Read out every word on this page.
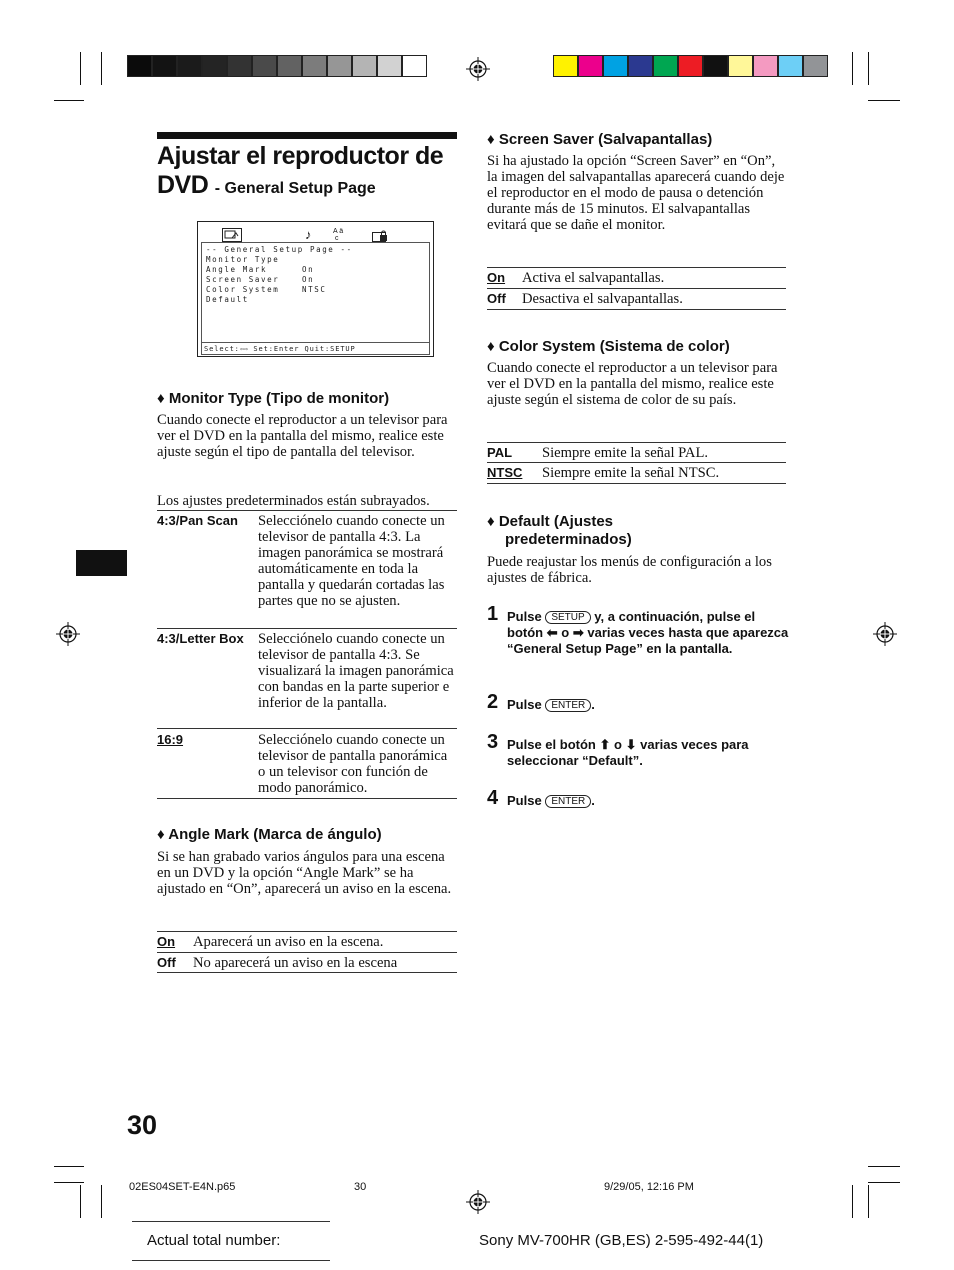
Ajustar el reproductor de DVD - General Setup Page
♪	A ä
c
-- General Setup Page --
Monitor Type
Angle Mark	On
Screen Saver	On
Color System	NTSC
Default
Select:⇦⇨ Set:Enter Quit:SETUP
♦ Monitor Type (Tipo de monitor)
Cuando conecte el reproductor a un televisor para ver el DVD en la pantalla del mismo, realice este ajuste según el tipo de pantalla del televisor.
Los ajustes predeterminados están subrayados.
4:3/Pan Scan Selecciónelo cuando conecte un televisor de pantalla 4:3. La imagen panorámica se mostrará automáticamente en toda la pantalla y quedarán cortadas las partes que no se ajusten.
4:3/Letter Box Selecciónelo cuando conecte un televisor de pantalla 4:3. Se visualizará la imagen panorámica con bandas en la parte superior e inferior de la pantalla.
16:9	Selecciónelo cuando conecte un televisor de pantalla panorámica o un televisor con función de modo panorámico.
♦ Angle Mark (Marca de ángulo)
Si se han grabado varios ángulos para una escena en un DVD y la opción “Angle Mark” se ha ajustado en “On”, aparecerá un aviso en la escena.
On Aparecerá un aviso en la escena.
Off No aparecerá un aviso en la escena
♦ Screen Saver (Salvapantallas)
Si ha ajustado la opción “Screen Saver” en “On”, la imagen del salvapantallas aparecerá cuando deje el reproductor en el modo de pausa o detención durante más de 15 minutos. El salvapantallas evitará que se dañe el monitor.
On Activa el salvapantallas.
Off Desactiva el salvapantallas.
♦ Color System (Sistema de color)
Cuando conecte el reproductor a un televisor para ver el DVD en la pantalla del mismo, realice este ajuste según el sistema de color de su país.
PAL Siempre emite la señal PAL.
NTSC Siempre emite la señal NTSC.
♦ Default (Ajustes
predeterminados)
Puede reajustar los menús de configuración a los ajustes de fábrica.
1 Pulse SETUP y, a continuación, pulse el botón ⬅ o ➡ varias veces hasta que aparezca “General Setup Page” en la pantalla.
2 Pulse ENTER .
3 Pulse el botón ⬆ o ⬇ varias veces para seleccionar “Default”.
4 Pulse ENTER .
30
02ES04SET-E4N.p65	30	9/29/05, 12:16 PM
Actual total number:	Sony MV-700HR (GB,ES) 2-595-492-44(1)
